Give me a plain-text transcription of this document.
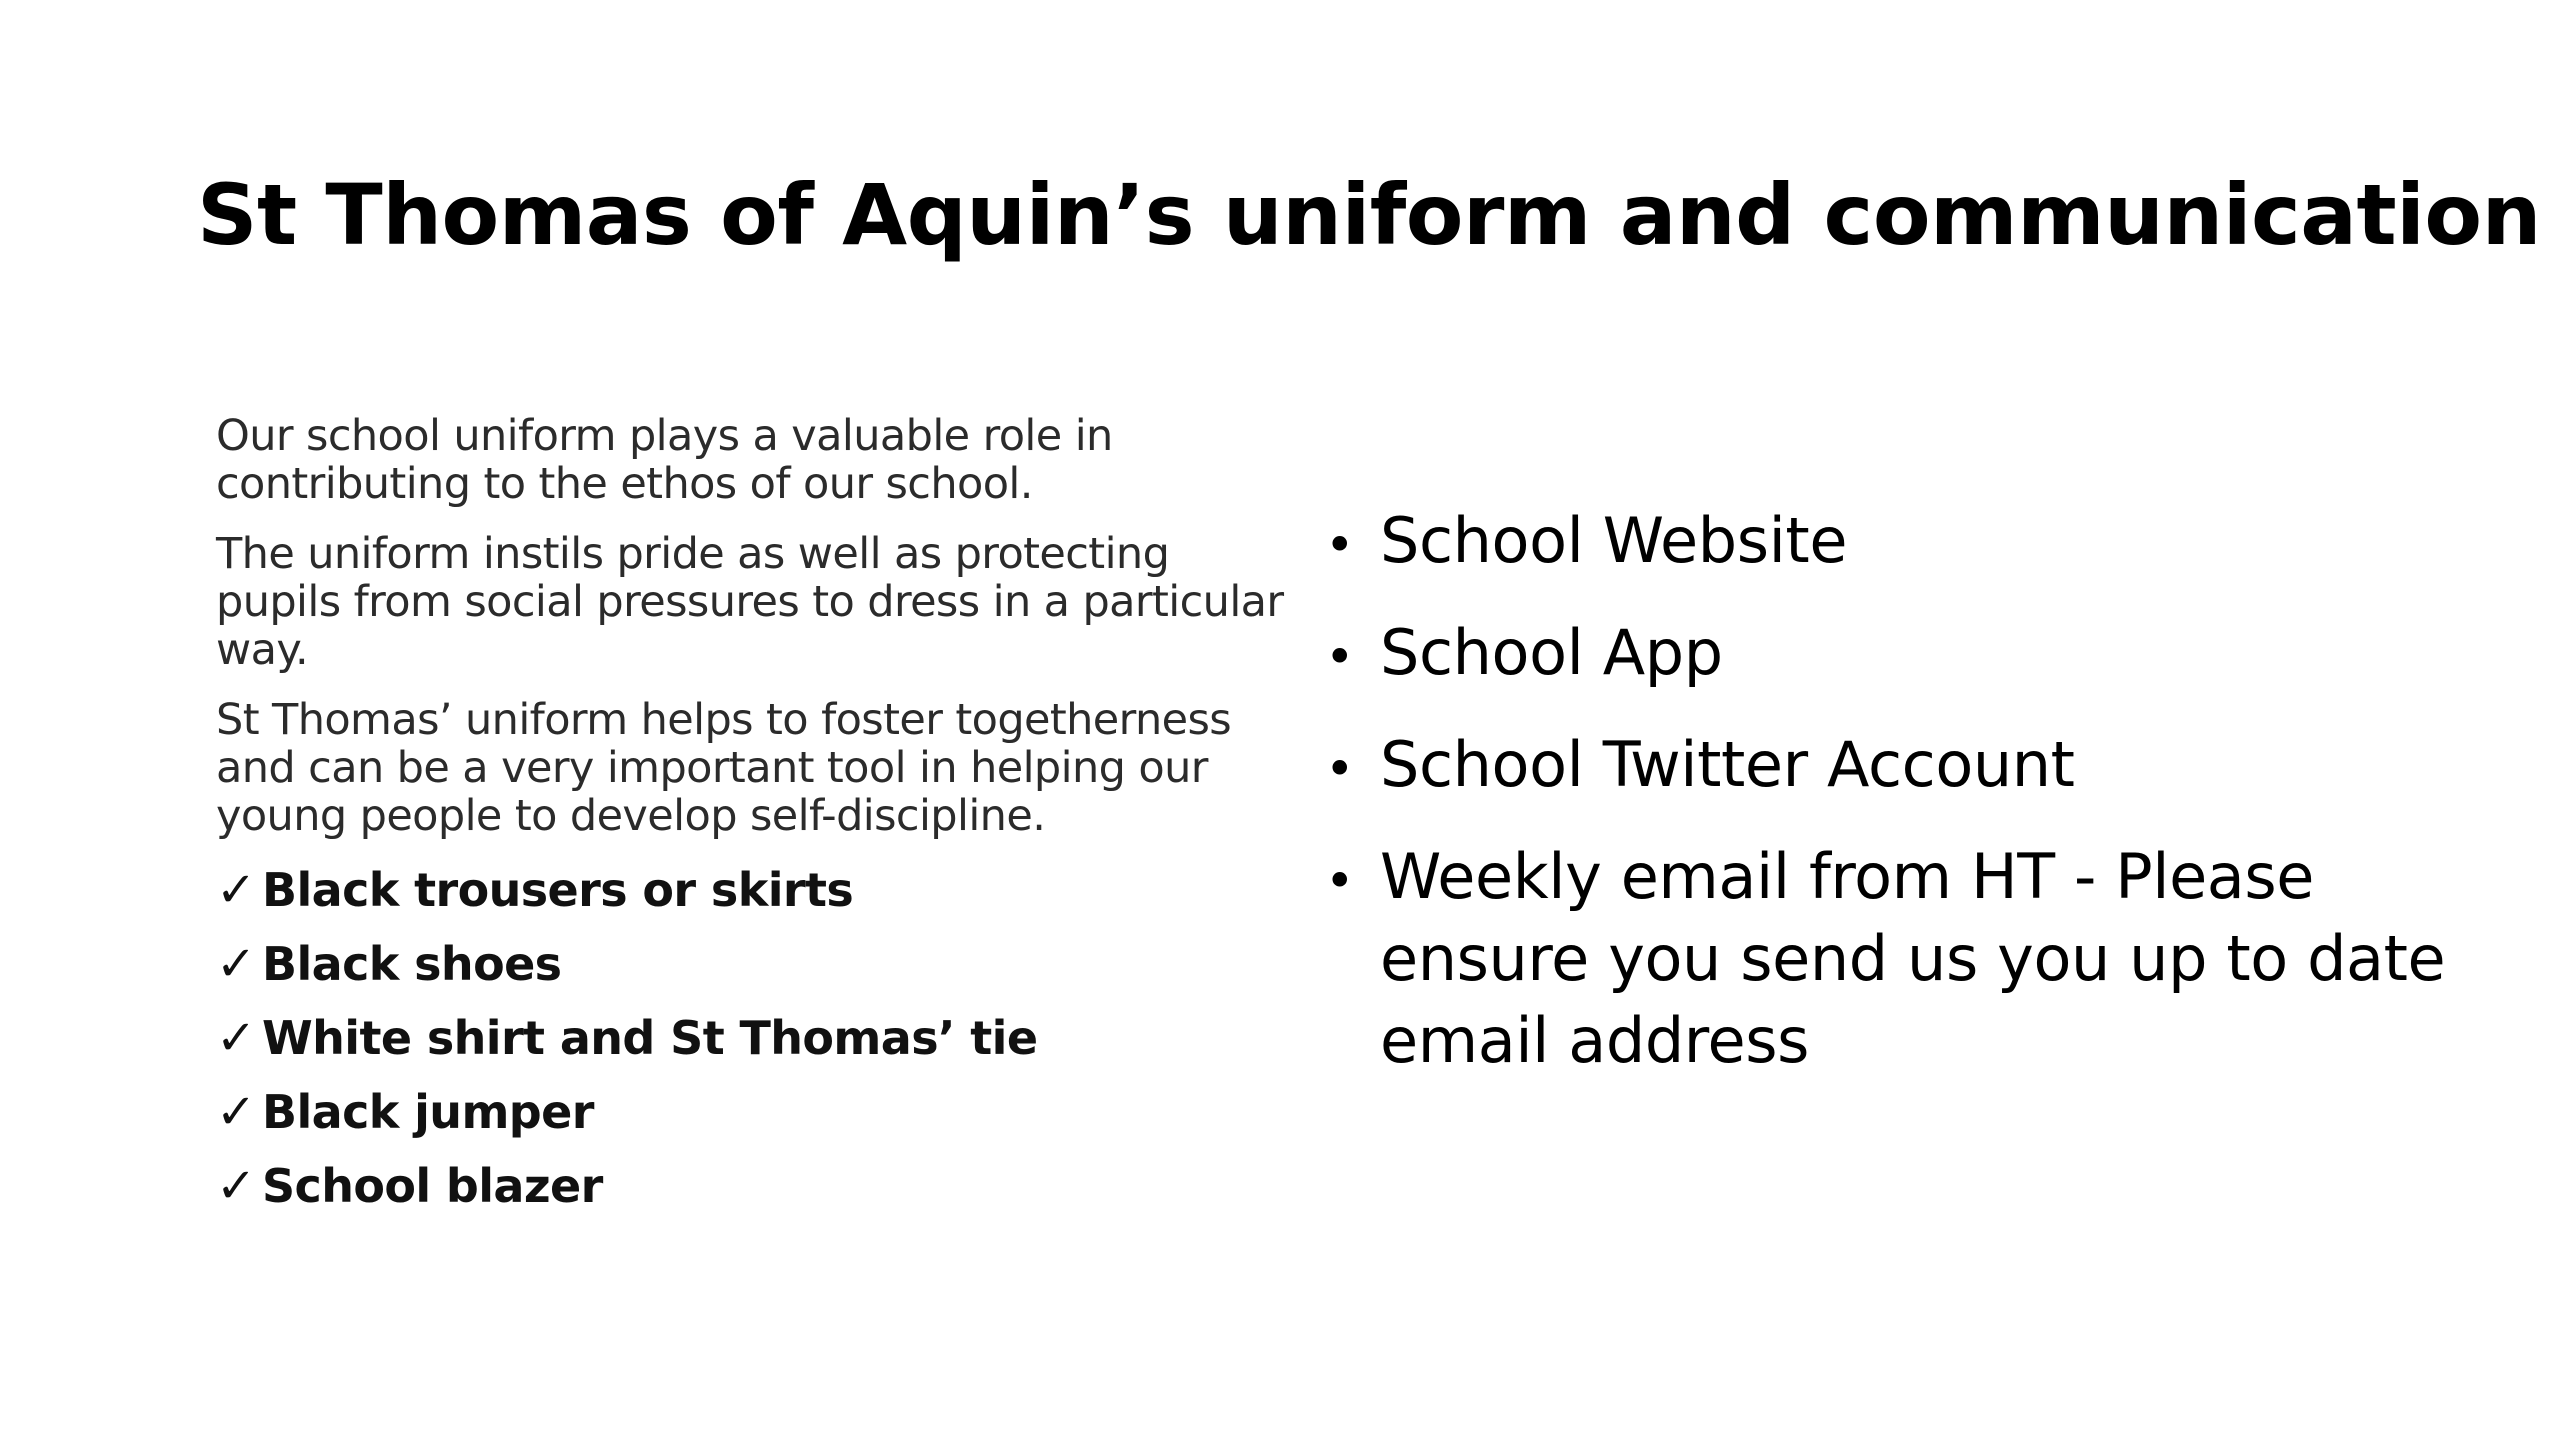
St Thomas of Aquin’s uniform and communication

Our school uniform plays a valuable role in contributing to the ethos of our school.

The uniform instils pride as well as protecting pupils from social pressures to dress in a particular way.

St Thomas’ uniform helps to foster togetherness and can be a very important tool in helping our young people to develop self-discipline.

✓ Black trousers or skirts
✓ Black shoes
✓ White shirt and St Thomas’ tie
✓ Black jumper
✓ School blazer
• School Website
• School App
• School Twitter Account
• Weekly email from HT - Please ensure you send us you up to date email address
